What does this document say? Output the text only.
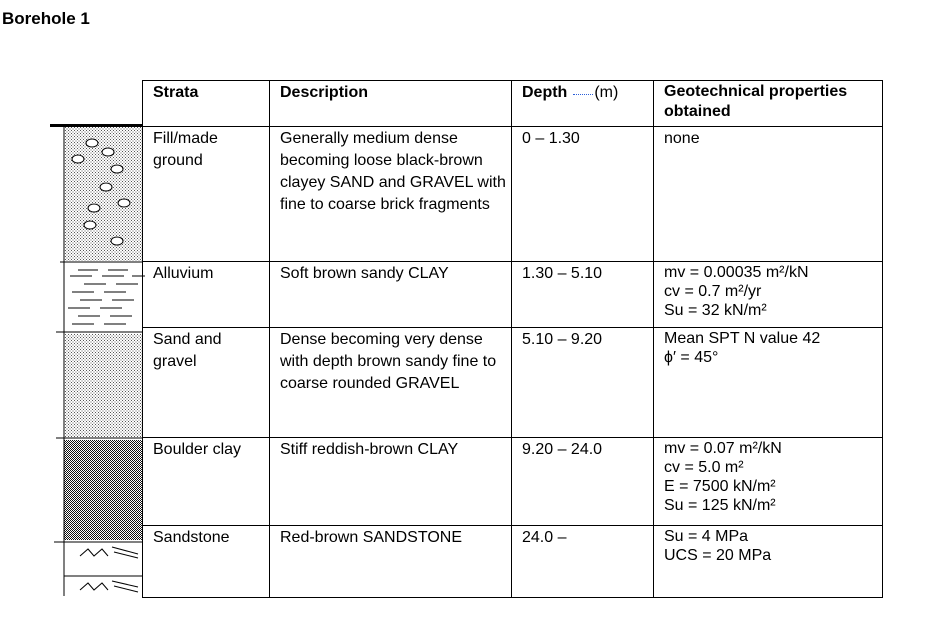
Borehole 1
Strata	Description	Depth (m)	Geotechnical properties obtained
Fill/made ground	Generally medium dense becoming loose black-brown clayey SAND and GRAVEL with fine to coarse brick fragments	0 – 1.30	none
Alluvium	Soft brown sandy CLAY	1.30 – 5.10	mv = 0.00035 m²/kN
cv = 0.7 m²/yr
Su = 32 kN/m²

Sand and gravel	Dense becoming very dense with depth brown sandy fine to coarse rounded GRAVEL	5.10 – 9.20	Mean SPT N value 42
ϕ′ = 45°

Boulder clay	Stiff reddish-brown CLAY	9.20 – 24.0	mv = 0.07 m²/kN
cv = 5.0 m²
E = 7500 kN/m²
Su = 125 kN/m²

Sandstone	Red-brown SANDSTONE	24.0 –	Su = 4 MPa
UCS = 20 MPa
